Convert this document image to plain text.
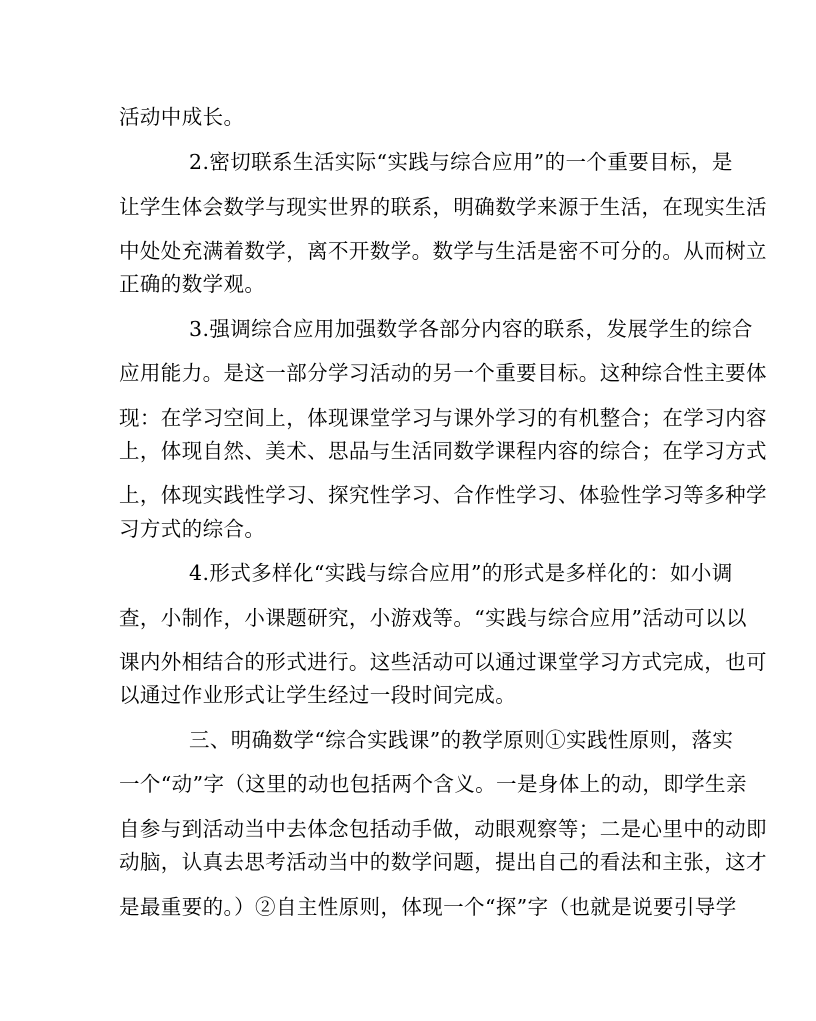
活动中成长。
2.密切联系生活实际“实践与综合应用”的一个重要目标，是
让学生体会数学与现实世界的联系，明确数学来源于生活，在现实生活
中处处充满着数学，离不开数学。数学与生活是密不可分的。从而树立
正确的数学观。
3.强调综合应用加强数学各部分内容的联系，发展学生的综合
应用能力。是这一部分学习活动的另一个重要目标。这种综合性主要体
现：在学习空间上，体现课堂学习与课外学习的有机整合；在学习内容
上，体现自然、美术、思品与生活同数学课程内容的综合；在学习方式
上，体现实践性学习、探究性学习、合作性学习、体验性学习等多种学
习方式的综合。
4.形式多样化“实践与综合应用”的形式是多样化的：如小调
查，小制作，小课题研究，小游戏等。“实践与综合应用”活动可以以
课内外相结合的形式进行。这些活动可以通过课堂学习方式完成，也可
以通过作业形式让学生经过一段时间完成。
三、明确数学“综合实践课”的教学原则①实践性原则，落实
一个“动”字（这里的动也包括两个含义。一是身体上的动，即学生亲
自参与到活动当中去体念包括动手做，动眼观察等；二是心里中的动即
动脑，认真去思考活动当中的数学问题，提出自己的看法和主张，这才
是最重要的。）②自主性原则，体现一个“探”字（也就是说要引导学
